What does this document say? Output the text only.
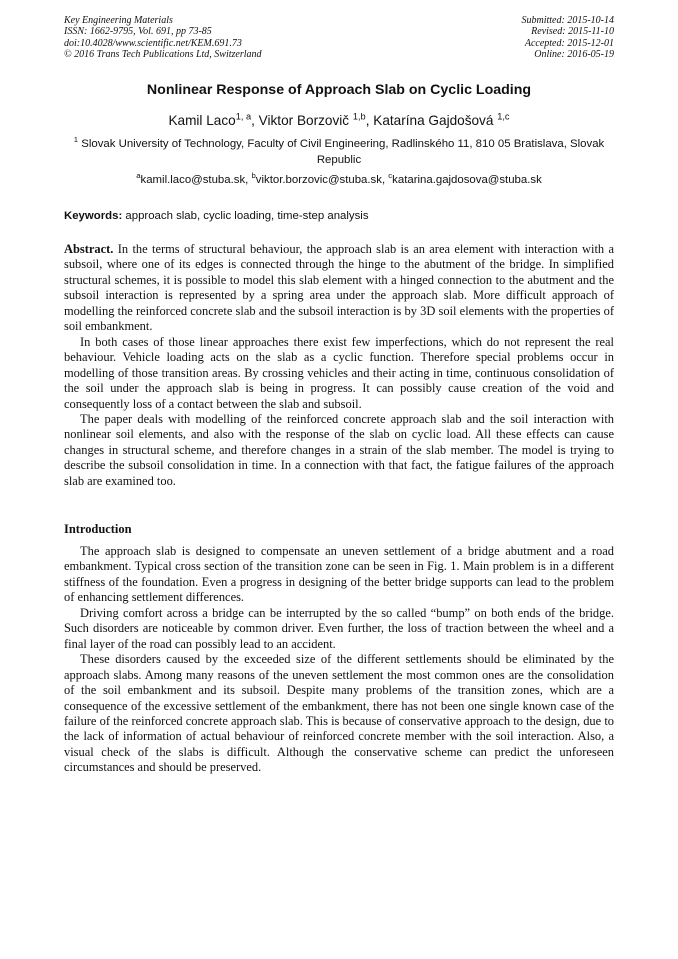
Key Engineering Materials
ISSN: 1662-9795, Vol. 691, pp 73-85
doi:10.4028/www.scientific.net/KEM.691.73
© 2016 Trans Tech Publications Ltd, Switzerland
Submitted: 2015-10-14
Revised: 2015-11-10
Accepted: 2015-12-01
Online: 2016-05-19
Nonlinear Response of Approach Slab on Cyclic Loading
Kamil Laco$^{1, a}$, Viktor Borzovič $^{1,b}$, Katarína Gajdošová $^{1,c}$
$^1$ Slovak University of Technology, Faculty of Civil Engineering, Radlinského 11, 810 05 Bratislava, Slovak Republic
$^a$kamil.laco@stuba.sk, $^b$viktor.borzovic@stuba.sk, $^c$katarina.gajdosova@stuba.sk
Keywords: approach slab, cyclic loading, time-step analysis

Abstract. In the terms of structural behaviour, the approach slab is an area element with interaction with a subsoil, where one of its edges is connected through the hinge to the abutment of the bridge. In simplified structural schemes, it is possible to model this slab element with a hinged connection to the abutment and the subsoil interaction is represented by a spring area under the approach slab. More difficult approach of modelling the reinforced concrete slab and the subsoil interaction is by 3D soil elements with the properties of soil embankment.

In both cases of those linear approaches there exist few imperfections, which do not represent the real behaviour. Vehicle loading acts on the slab as a cyclic function. Therefore special problems occur in modelling of those transition areas. By crossing vehicles and their acting in time, continuous consolidation of the soil under the approach slab is being in progress. It can possibly cause creation of the void and consequently loss of a contact between the slab and subsoil.

The paper deals with modelling of the reinforced concrete approach slab and the soil interaction with nonlinear soil elements, and also with the response of the slab on cyclic load. All these effects can cause changes in structural scheme, and therefore changes in a strain of the slab member. The model is trying to describe the subsoil consolidation in time. In a connection with that fact, the fatigue failures of the approach slab are examined too.

Introduction

The approach slab is designed to compensate an uneven settlement of a bridge abutment and a road embankment. Typical cross section of the transition zone can be seen in Fig. 1. Main problem is in a different stiffness of the foundation. Even a progress in designing of the better bridge supports can lead to the problem of enhancing settlement differences.

Driving comfort across a bridge can be interrupted by the so called “bump” on both ends of the bridge. Such disorders are noticeable by common driver. Even further, the loss of traction between the wheel and a final layer of the road can possibly lead to an accident.

These disorders caused by the exceeded size of the different settlements should be eliminated by the approach slabs. Among many reasons of the uneven settlement the most common ones are the consolidation of the soil embankment and its subsoil. Despite many problems of the transition zones, which are a consequence of the excessive settlement of the embankment, there has not been one single known case of the failure of the reinforced concrete approach slab. This is because of conservative approach to the design, due to the lack of information of actual behaviour of reinforced concrete member with the soil interaction. Also, a visual check of the slabs is difficult. Although the conservative scheme can predict the unforeseen circumstances and should be preserved.
